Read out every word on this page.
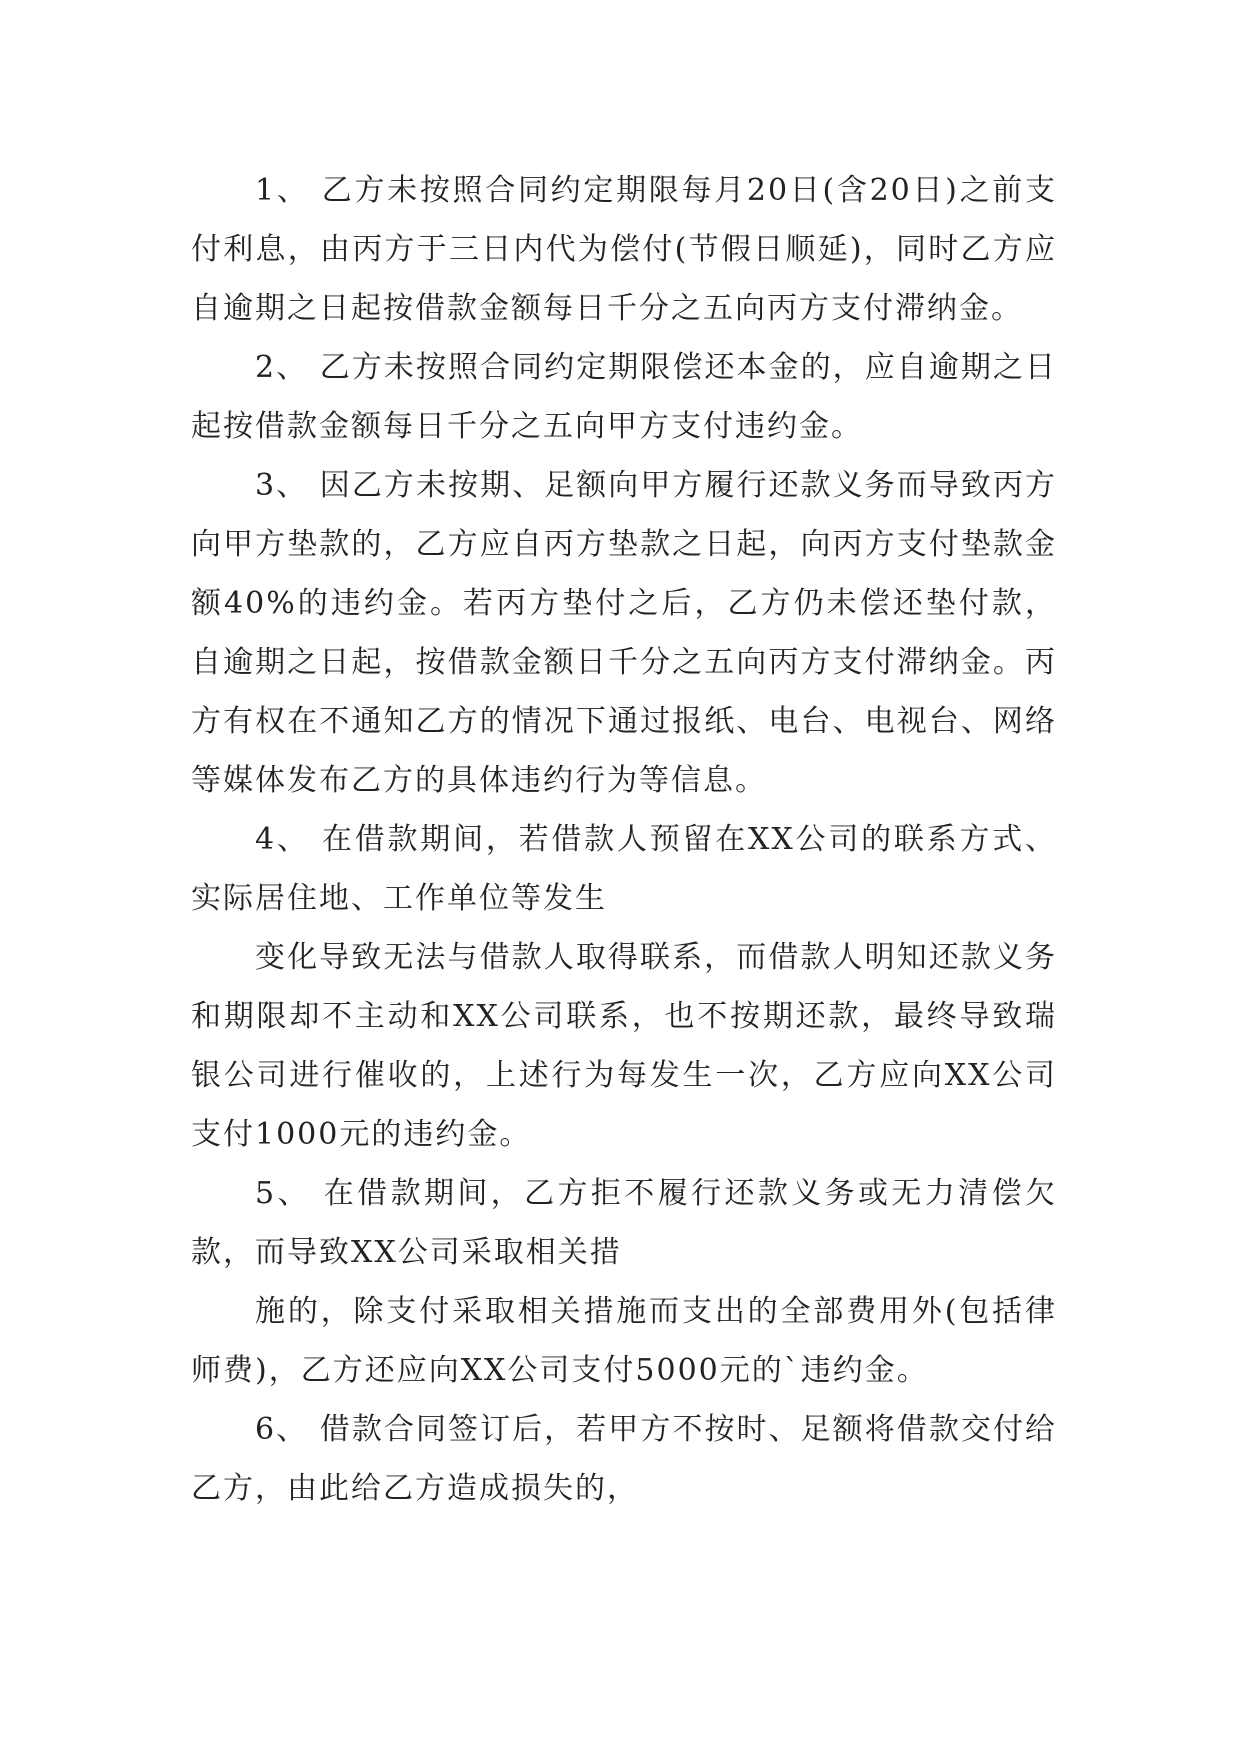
1、 乙方未按照合同约定期限每月20日(含20日)之前支付利息，由丙方于三日内代为偿付(节假日顺延)，同时乙方应自逾期之日起按借款金额每日千分之五向丙方支付滞纳金。

2、 乙方未按照合同约定期限偿还本金的，应自逾期之日起按借款金额每日千分之五向甲方支付违约金。

3、 因乙方未按期、足额向甲方履行还款义务而导致丙方向甲方垫款的，乙方应自丙方垫款之日起，向丙方支付垫款金额40%的违约金。若丙方垫付之后，乙方仍未偿还垫付款，自逾期之日起，按借款金额日千分之五向丙方支付滞纳金。丙方有权在不通知乙方的情况下通过报纸、电台、电视台、网络等媒体发布乙方的具体违约行为等信息。

4、 在借款期间，若借款人预留在XX公司的联系方式、实际居住地、工作单位等发生

变化导致无法与借款人取得联系，而借款人明知还款义务和期限却不主动和XX公司联系，也不按期还款，最终导致瑞银公司进行催收的，上述行为每发生一次，乙方应向XX公司支付1000元的违约金。

5、 在借款期间，乙方拒不履行还款义务或无力清偿欠款，而导致XX公司采取相关措

施的，除支付采取相关措施而支出的全部费用外(包括律师费)，乙方还应向XX公司支付5000元的`违约金。

6、 借款合同签订后，若甲方不按时、足额将借款交付给乙方，由此给乙方造成损失的，
